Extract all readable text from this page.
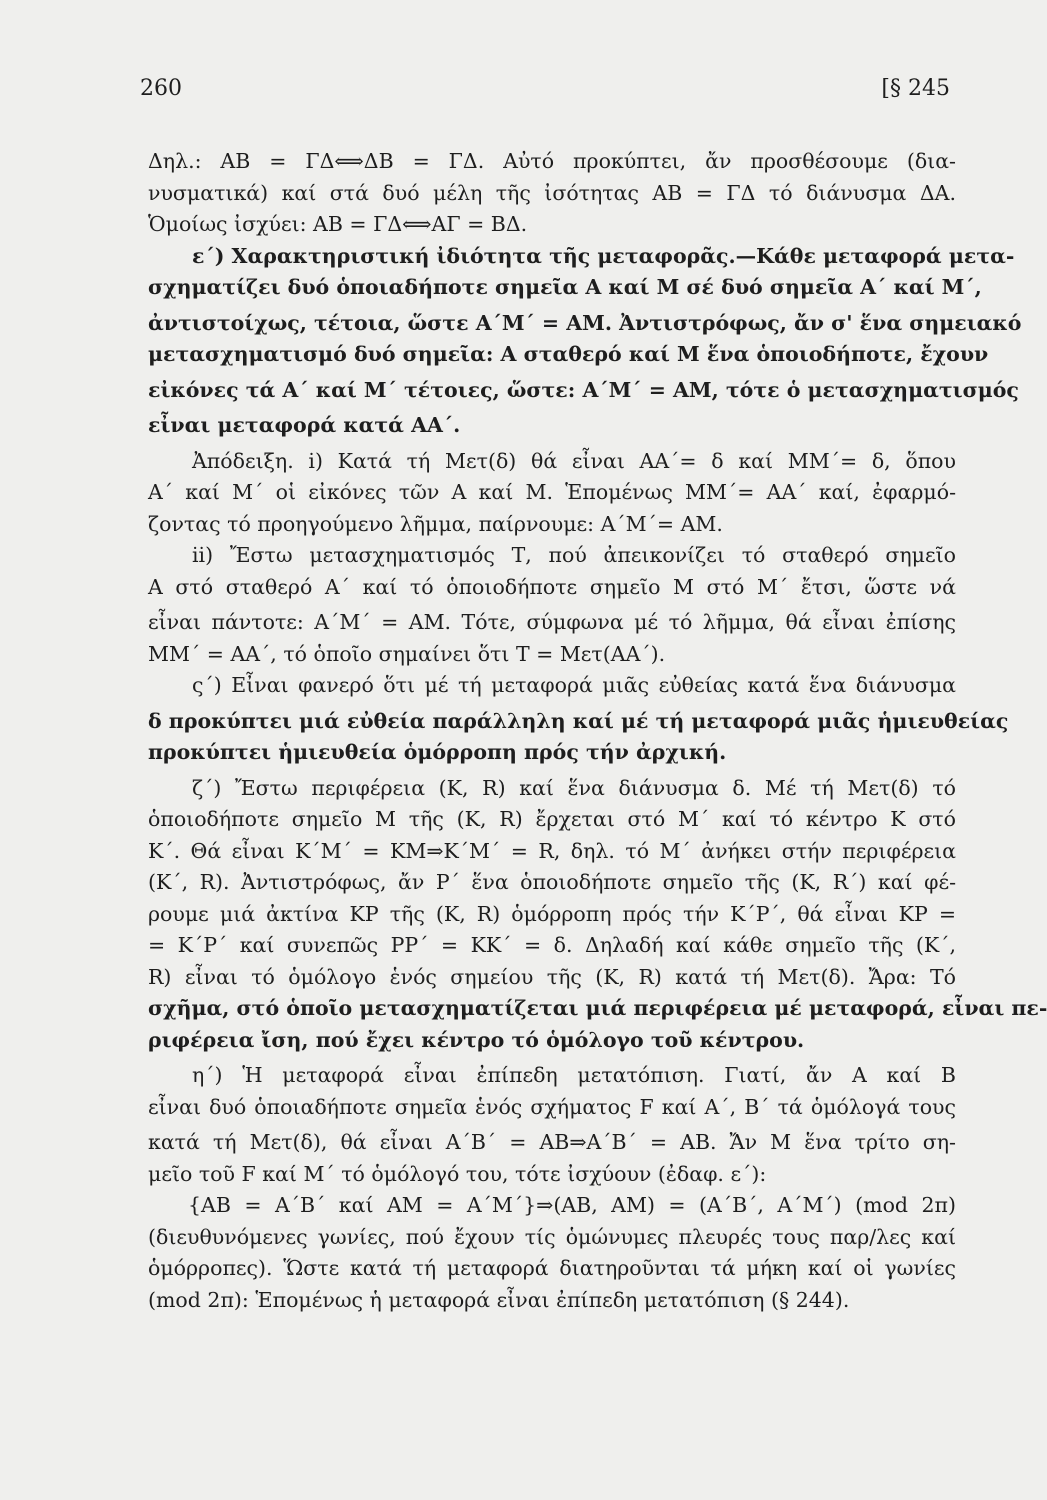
260	[§ 245
Δηλ.: AB = ΓΔ⟺ΔB = ΓΔ. Αὐτό προκύπτει, ἄν προσθέσουμε (δια-
νυσματικά) καί στά δυό μέλη τῆς ἰσότητας AB = ΓΔ τό διάνυσμα ΔΑ.
Ὁμοίως ἰσχύει: AB = ΓΔ⟺ΑΓ = ΒΔ.
ε΄) Χαρακτηριστική ἰδιότητα τῆς μεταφορᾶς.—Κάθε μεταφορά μετα-
σχηματίζει δυό ὁποιαδήποτε σημεῖα Α καί Μ σέ δυό σημεῖα Α΄ καί Μ΄,
ἀντιστοίχως, τέτοια, ὥστε Α΄Μ΄ = ΑΜ. Ἀντιστρόφως, ἄν σ' ἕνα σημειακό
μετασχηματισμό δυό σημεῖα: Α σταθερό καί Μ ἕνα ὁποιοδήποτε, ἔχουν
εἰκόνες τά Α΄ καί Μ΄ τέτοιες, ὥστε: Α΄Μ΄ = ΑΜ, τότε ὁ μετασχηματισμός
εἶναι μεταφορά κατά ΑΑ΄.
Ἀπόδειξη. i) Κατά τή Μετ(δ) θά εἶναι ΑΑ΄= δ καί ΜΜ΄= δ, ὅπου
Α΄ καί Μ΄ οἱ εἰκόνες τῶν Α καί Μ. Ἑπομένως ΜΜ΄= ΑΑ΄ καί, ἐφαρμό-
ζοντας τό προηγούμενο λῆμμα, παίρνουμε: Α΄Μ΄= ΑΜ.
ii) Ἔστω μετασχηματισμός Τ, πού ἀπεικονίζει τό σταθερό σημεῖο
Α στό σταθερό Α΄ καί τό ὁποιοδήποτε σημεῖο Μ στό Μ΄ ἔτσι, ὥστε νά
εἶναι πάντοτε: Α΄Μ΄ = ΑΜ. Τότε, σύμφωνα μέ τό λῆμμα, θά εἶναι ἐπίσης
ΜΜ΄ = ΑΑ΄, τό ὁποῖο σημαίνει ὅτι Τ = Μετ(ΑΑ΄).
ς΄) Εἶναι φανερό ὅτι μέ τή μεταφορά μιᾶς εὐθείας κατά ἕνα διάνυσμα
δ προκύπτει μιά εὐθεία παράλληλη καί μέ τή μεταφορά μιᾶς ἡμιευθείας
προκύπτει ἡμιευθεία ὁμόρροπη πρός τήν ἀρχική.
ζ΄) Ἔστω περιφέρεια (Κ, R) καί ἕνα διάνυσμα δ. Μέ τή Μετ(δ) τό
ὁποιοδήποτε σημεῖο Μ τῆς (Κ, R) ἔρχεται στό Μ΄ καί τό κέντρο Κ στό
Κ΄. Θά εἶναι Κ΄Μ΄ = ΚΜ⇒Κ΄Μ΄ = R, δηλ. τό Μ΄ ἀνήκει στήν περιφέρεια
(Κ΄, R). Ἀντιστρόφως, ἄν Ρ΄ ἕνα ὁποιοδήποτε σημεῖο τῆς (Κ, R΄) καί φέ-
ρουμε μιά ἀκτίνα ΚΡ τῆς (Κ, R) ὁμόρροπη πρός τήν Κ΄Ρ΄, θά εἶναι ΚΡ =
= Κ΄Ρ΄ καί συνεπῶς ΡΡ΄ = ΚΚ΄ = δ. Δηλαδή καί κάθε σημεῖο τῆς (Κ΄,
R) εἶναι τό ὁμόλογο ἑνός σημείου τῆς (Κ, R) κατά τή Μετ(δ). Ἄρα: Τό
σχῆμα, στό ὁποῖο μετασχηματίζεται μιά περιφέρεια μέ μεταφορά, εἶναι πε-
ριφέρεια ἴση, πού ἔχει κέντρο τό ὁμόλογο τοῦ κέντρου.
η΄) Ἡ μεταφορά εἶναι ἐπίπεδη μετατόπιση. Γιατί, ἄν Α καί Β
εἶναι δυό ὁποιαδήποτε σημεῖα ἑνός σχήματος F καί Α΄, Β΄ τά ὁμόλογά τους
κατά τή Μετ(δ), θά εἶναι Α΄Β΄ = ΑΒ⇒Α΄Β΄ = ΑΒ. Ἄν Μ ἕνα τρίτο ση-
μεῖο τοῦ F καί Μ΄ τό ὁμόλογό του, τότε ἰσχύουν (ἐδαφ. ε΄):
{ΑΒ = Α΄Β΄ καί ΑΜ = Α΄Μ΄}⇒(ΑΒ, ΑΜ) = (Α΄Β΄, Α΄Μ΄) (mod 2π)
(διευθυνόμενες γωνίες, πού ἔχουν τίς ὁμώνυμες πλευρές τους παρ/λες καί
ὁμόρροπες). Ὥστε κατά τή μεταφορά διατηροῦνται τά μήκη καί οἱ γωνίες
(mod 2π): Ἑπομένως ἡ μεταφορά εἶναι ἐπίπεδη μετατόπιση (§ 244).
